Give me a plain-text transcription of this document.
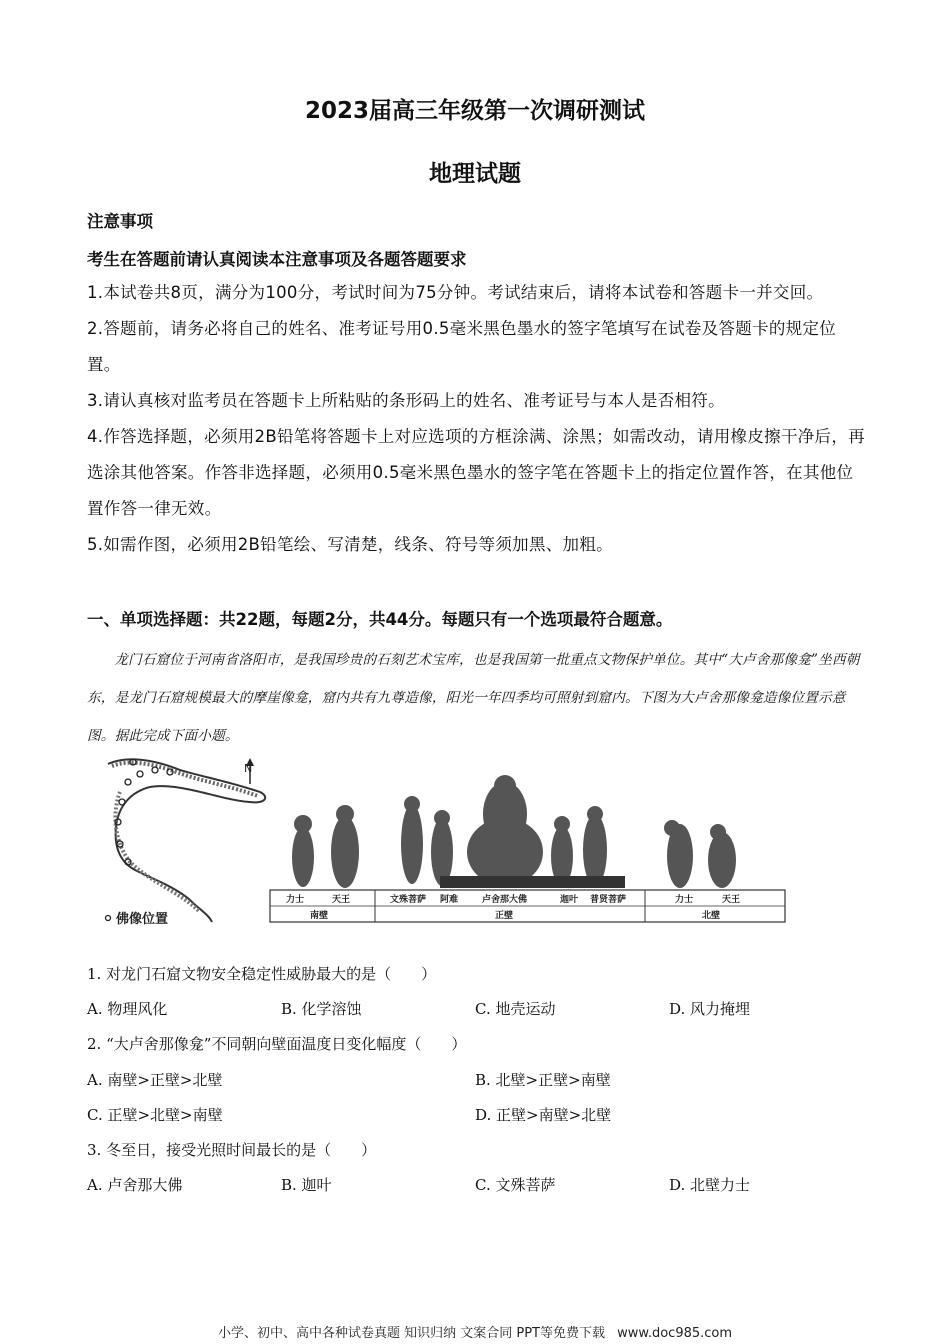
2023届高三年级第一次调研测试
地理试题

注意事项

考生在答题前请认真阅读本注意事项及各题答题要求

1.本试卷共8页，满分为100分，考试时间为75分钟。考试结束后，请将本试卷和答题卡一并交回。

2.答题前，请务必将自己的姓名、准考证号用0.5毫米黑色墨水的签字笔填写在试卷及答题卡的规定位置。

3.请认真核对监考员在答题卡上所粘贴的条形码上的姓名、准考证号与本人是否相符。

4.作答选择题，必须用2B铅笔将答题卡上对应选项的方框涂满、涂黑；如需改动，请用橡皮擦干净后，再选涂其他答案。作答非选择题，必须用0.5毫米黑色墨水的签字笔在答题卡上的指定位置作答，在其他位置作答一律无效。

5.如需作图，必须用2B铅笔绘、写清楚，线条、符号等须加黑、加粗。

一、单项选择题：共22题，每题2分，共44分。每题只有一个选项最符合题意。
龙门石窟位于河南省洛阳市，是我国珍贵的石刻艺术宝库，也是我国第一批重点文物保护单位。其中“大卢舍那像龛”坐西朝东，是龙门石窟规模最大的摩崖像龛，窟内共有九尊造像，阳光一年四季均可照射到窟内。下图为大卢舍那像龛造像位置示意图。据此完成下面小题。
N
佛像位置
力士	天王	文殊菩萨 阿难	卢舍那大佛	迦叶 普贤菩萨	力士	天王
南壁	正壁	北壁
1. 对龙门石窟文物安全稳定性威胁最大的是（　　）
A. 物理风化	B. 化学溶蚀	C. 地壳运动	D. 风力掩埋
2. “大卢舍那像龛”不同朝向壁面温度日变化幅度（　　）
A. 南壁>正壁>北壁	B. 北壁>正壁>南壁
C. 正壁>北壁>南壁	D. 正壁>南壁>北壁
3. 冬至日，接受光照时间最长的是（　　）
A. 卢舍那大佛	B. 迦叶	C. 文殊菩萨	D. 北壁力士
小学、初中、高中各种试卷真题 知识归纳 文案合同 PPT等免费下载 www.doc985.com
